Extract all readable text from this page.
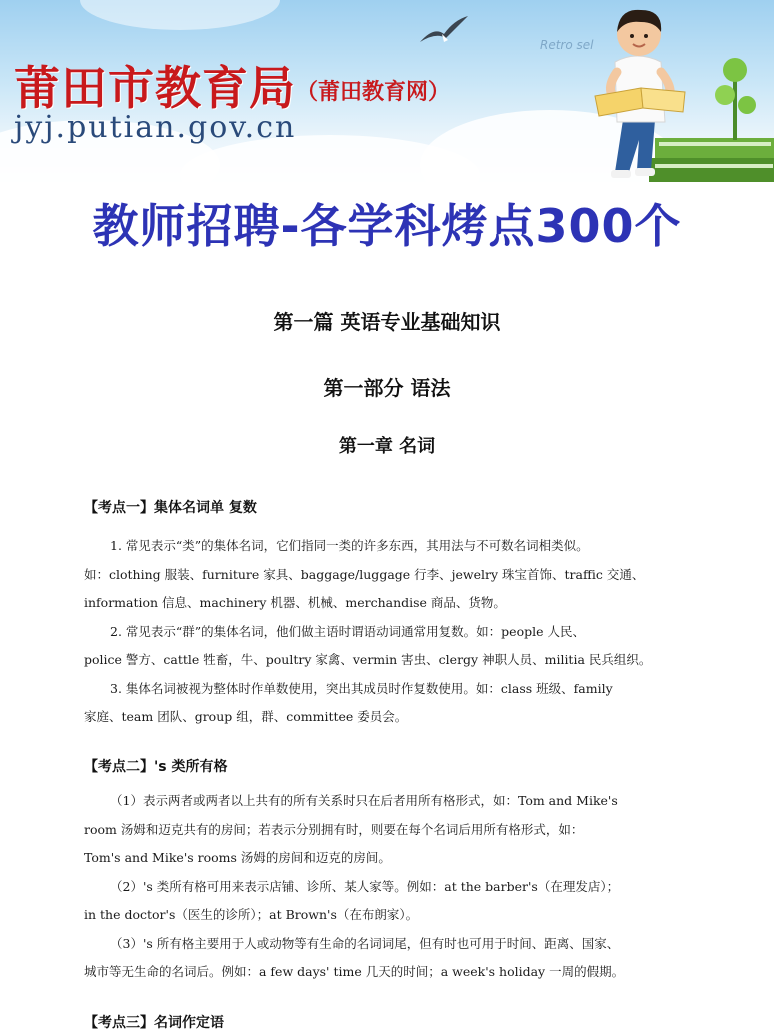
Retro sel
莆田市教育局 （莆田教育网）
jyj.putian.gov.cn
教师招聘-各学科烤点300个
第一篇 英语专业基础知识
第一部分 语法
第一章 名词
【考点一】集体名词单 复数
1. 常见表示“类”的集体名词，它们指同一类的许多东西，其用法与不可数名词相类似。
如：clothing 服装、furniture 家具、baggage/luggage 行李、jewelry 珠宝首饰、traffic 交通、
information 信息、machinery 机器、机械、merchandise 商品、货物。
2. 常见表示“群”的集体名词，他们做主语时谓语动词通常用复数。如：people 人民、
police 警方、cattle 牲畜，牛、poultry 家禽、vermin 害虫、clergy 神职人员、militia 民兵组织。
3. 集体名词被视为整体时作单数使用，突出其成员时作复数使用。如：class 班级、family
家庭、team 团队、group 组，群、committee 委员会。
【考点二】's 类所有格
（1）表示两者或两者以上共有的所有关系时只在后者用所有格形式，如：Tom and Mike's
room 汤姆和迈克共有的房间；若表示分别拥有时，则要在每个名词后用所有格形式，如：
Tom's and Mike's rooms 汤姆的房间和迈克的房间。
（2）'s 类所有格可用来表示店铺、诊所、某人家等。例如：at the barber's（在理发店）；
in the doctor's（医生的诊所）；at Brown's（在布朗家）。
（3）'s 所有格主要用于人或动物等有生命的名词词尾，但有时也可用于时间、距离、国家、
城市等无生命的名词后。例如：a few days' time 几天的时间；a week's holiday 一周的假期。
【考点三】名词作定语
